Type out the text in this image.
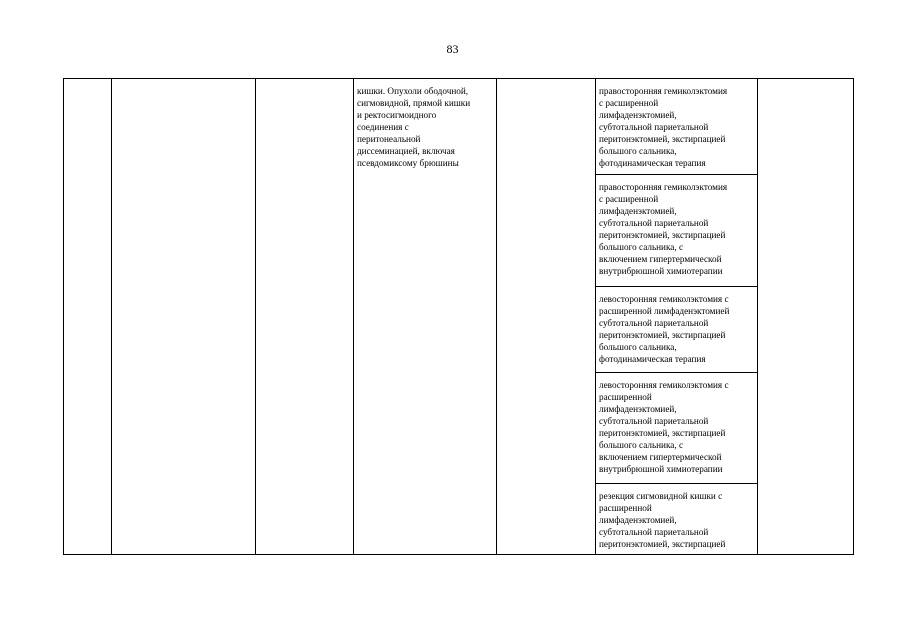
83
кишки. Опухоли ободочной,
сигмовидной, прямой кишки
и ректосигмоидного
соединения с
перитонеальной
диссеминацией, включая
псевдомиксому брюшины
правосторонняя гемиколэктомия
с расширенной
лимфаденэктомией,
субтотальной париетальной
перитонэктомией, экстирпацией
большого сальника,
фотодинамическая терапия
правосторонняя гемиколэктомия
с расширенной
лимфаденэктомией,
субтотальной париетальной
перитонэктомией, экстирпацией
большого сальника, с
включением гипертермической
внутрибрюшной химиотерапии
левосторонняя гемиколэктомия с
расширенной лимфаденэктомией
субтотальной париетальной
перитонэктомией, экстирпацией
большого сальника,
фотодинамическая терапия
левосторонняя гемиколэктомия с
расширенной
лимфаденэктомией,
субтотальной париетальной
перитонэктомией, экстирпацией
большого сальника, с
включением гипертермической
внутрибрюшной химиотерапии
резекция сигмовидной кишки с
расширенной
лимфаденэктомией,
субтотальной париетальной
перитонэктомией, экстирпацией
